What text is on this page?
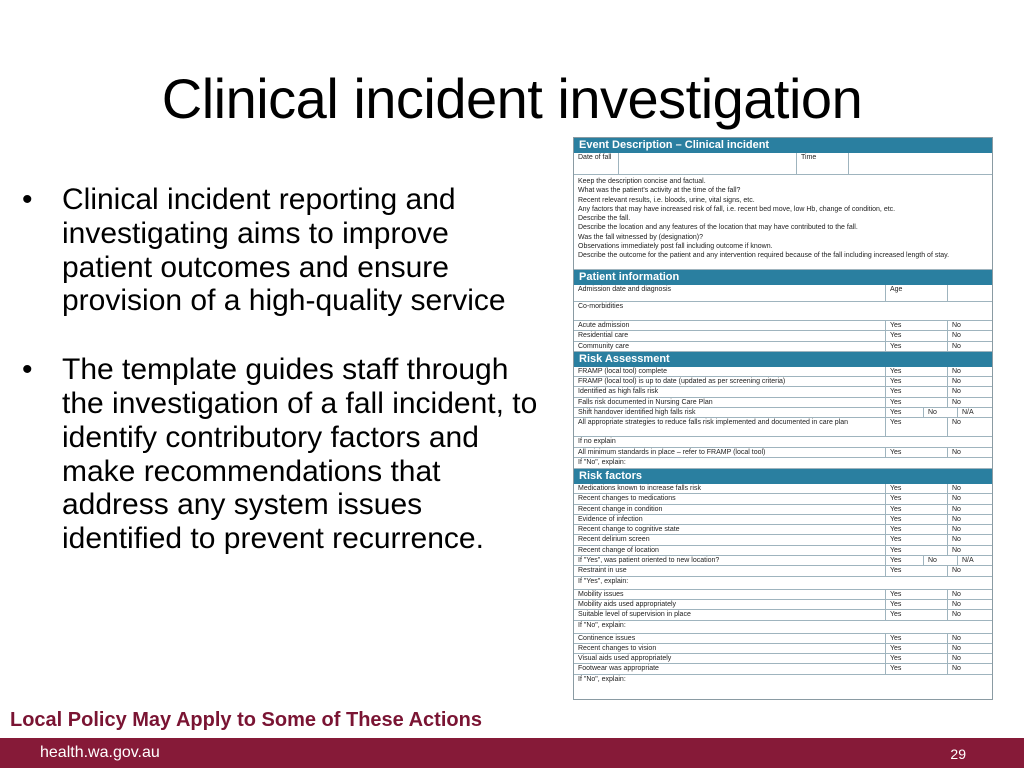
Clinical incident investigation
• Clinical incident reporting and investigating aims to improve patient outcomes and ensure provision of a high-quality service
• The template guides staff through the investigation of a fall incident, to identify contributory factors and make recommendations that address any system issues identified to prevent recurrence.
Event Description – Clinical incident
Date of fall	Time
Keep the description concise and factual.
What was the patient's activity at the time of the fall?
Recent relevant results, i.e. bloods, urine, vital signs, etc.
Any factors that may have increased risk of fall, i.e. recent bed move, low Hb, change of condition, etc.
Describe the fall.
Describe the location and any features of the location that may have contributed to the fall.
Was the fall witnessed by (designation)?
Observations immediately post fall including outcome if known.
Describe the outcome for the patient and any intervention required because of the fall including increased length of stay.
Patient information
Admission date and diagnosis	Age
Co-morbidities
Acute admission	Yes	No
Residential care	Yes	No
Community care	Yes	No
Risk Assessment
FRAMP (local tool) complete	Yes	No
FRAMP (local tool) is up to date (updated as per screening criteria)	Yes	No
Identified as high falls risk	Yes	No
Falls risk documented in Nursing Care Plan	Yes	No
Shift handover identified high falls risk	Yes	No	N/A
All appropriate strategies to reduce falls risk implemented and documented in care plan	Yes	No
If no explain
All minimum standards in place – refer to FRAMP (local tool)	Yes	No
If "No", explain:
Risk factors
Medications known to increase falls risk	Yes	No
Recent changes to medications	Yes	No
Recent change in condition	Yes	No
Evidence of infection	Yes	No
Recent change to cognitive state	Yes	No
Recent delirium screen	Yes	No
Recent change of location	Yes	No
If "Yes", was patient oriented to new location?	Yes	No	N/A
Restraint in use	Yes	No
If "Yes", explain:
Mobility issues	Yes	No
Mobility aids used appropriately	Yes	No
Suitable level of supervision in place	Yes	No
If "No", explain:
Continence issues	Yes	No
Recent changes to vision	Yes	No
Visual aids used appropriately	Yes	No
Footwear was appropriate	Yes	No
If "No", explain:
Local Policy May Apply to Some of These Actions
health.wa.gov.au	29
